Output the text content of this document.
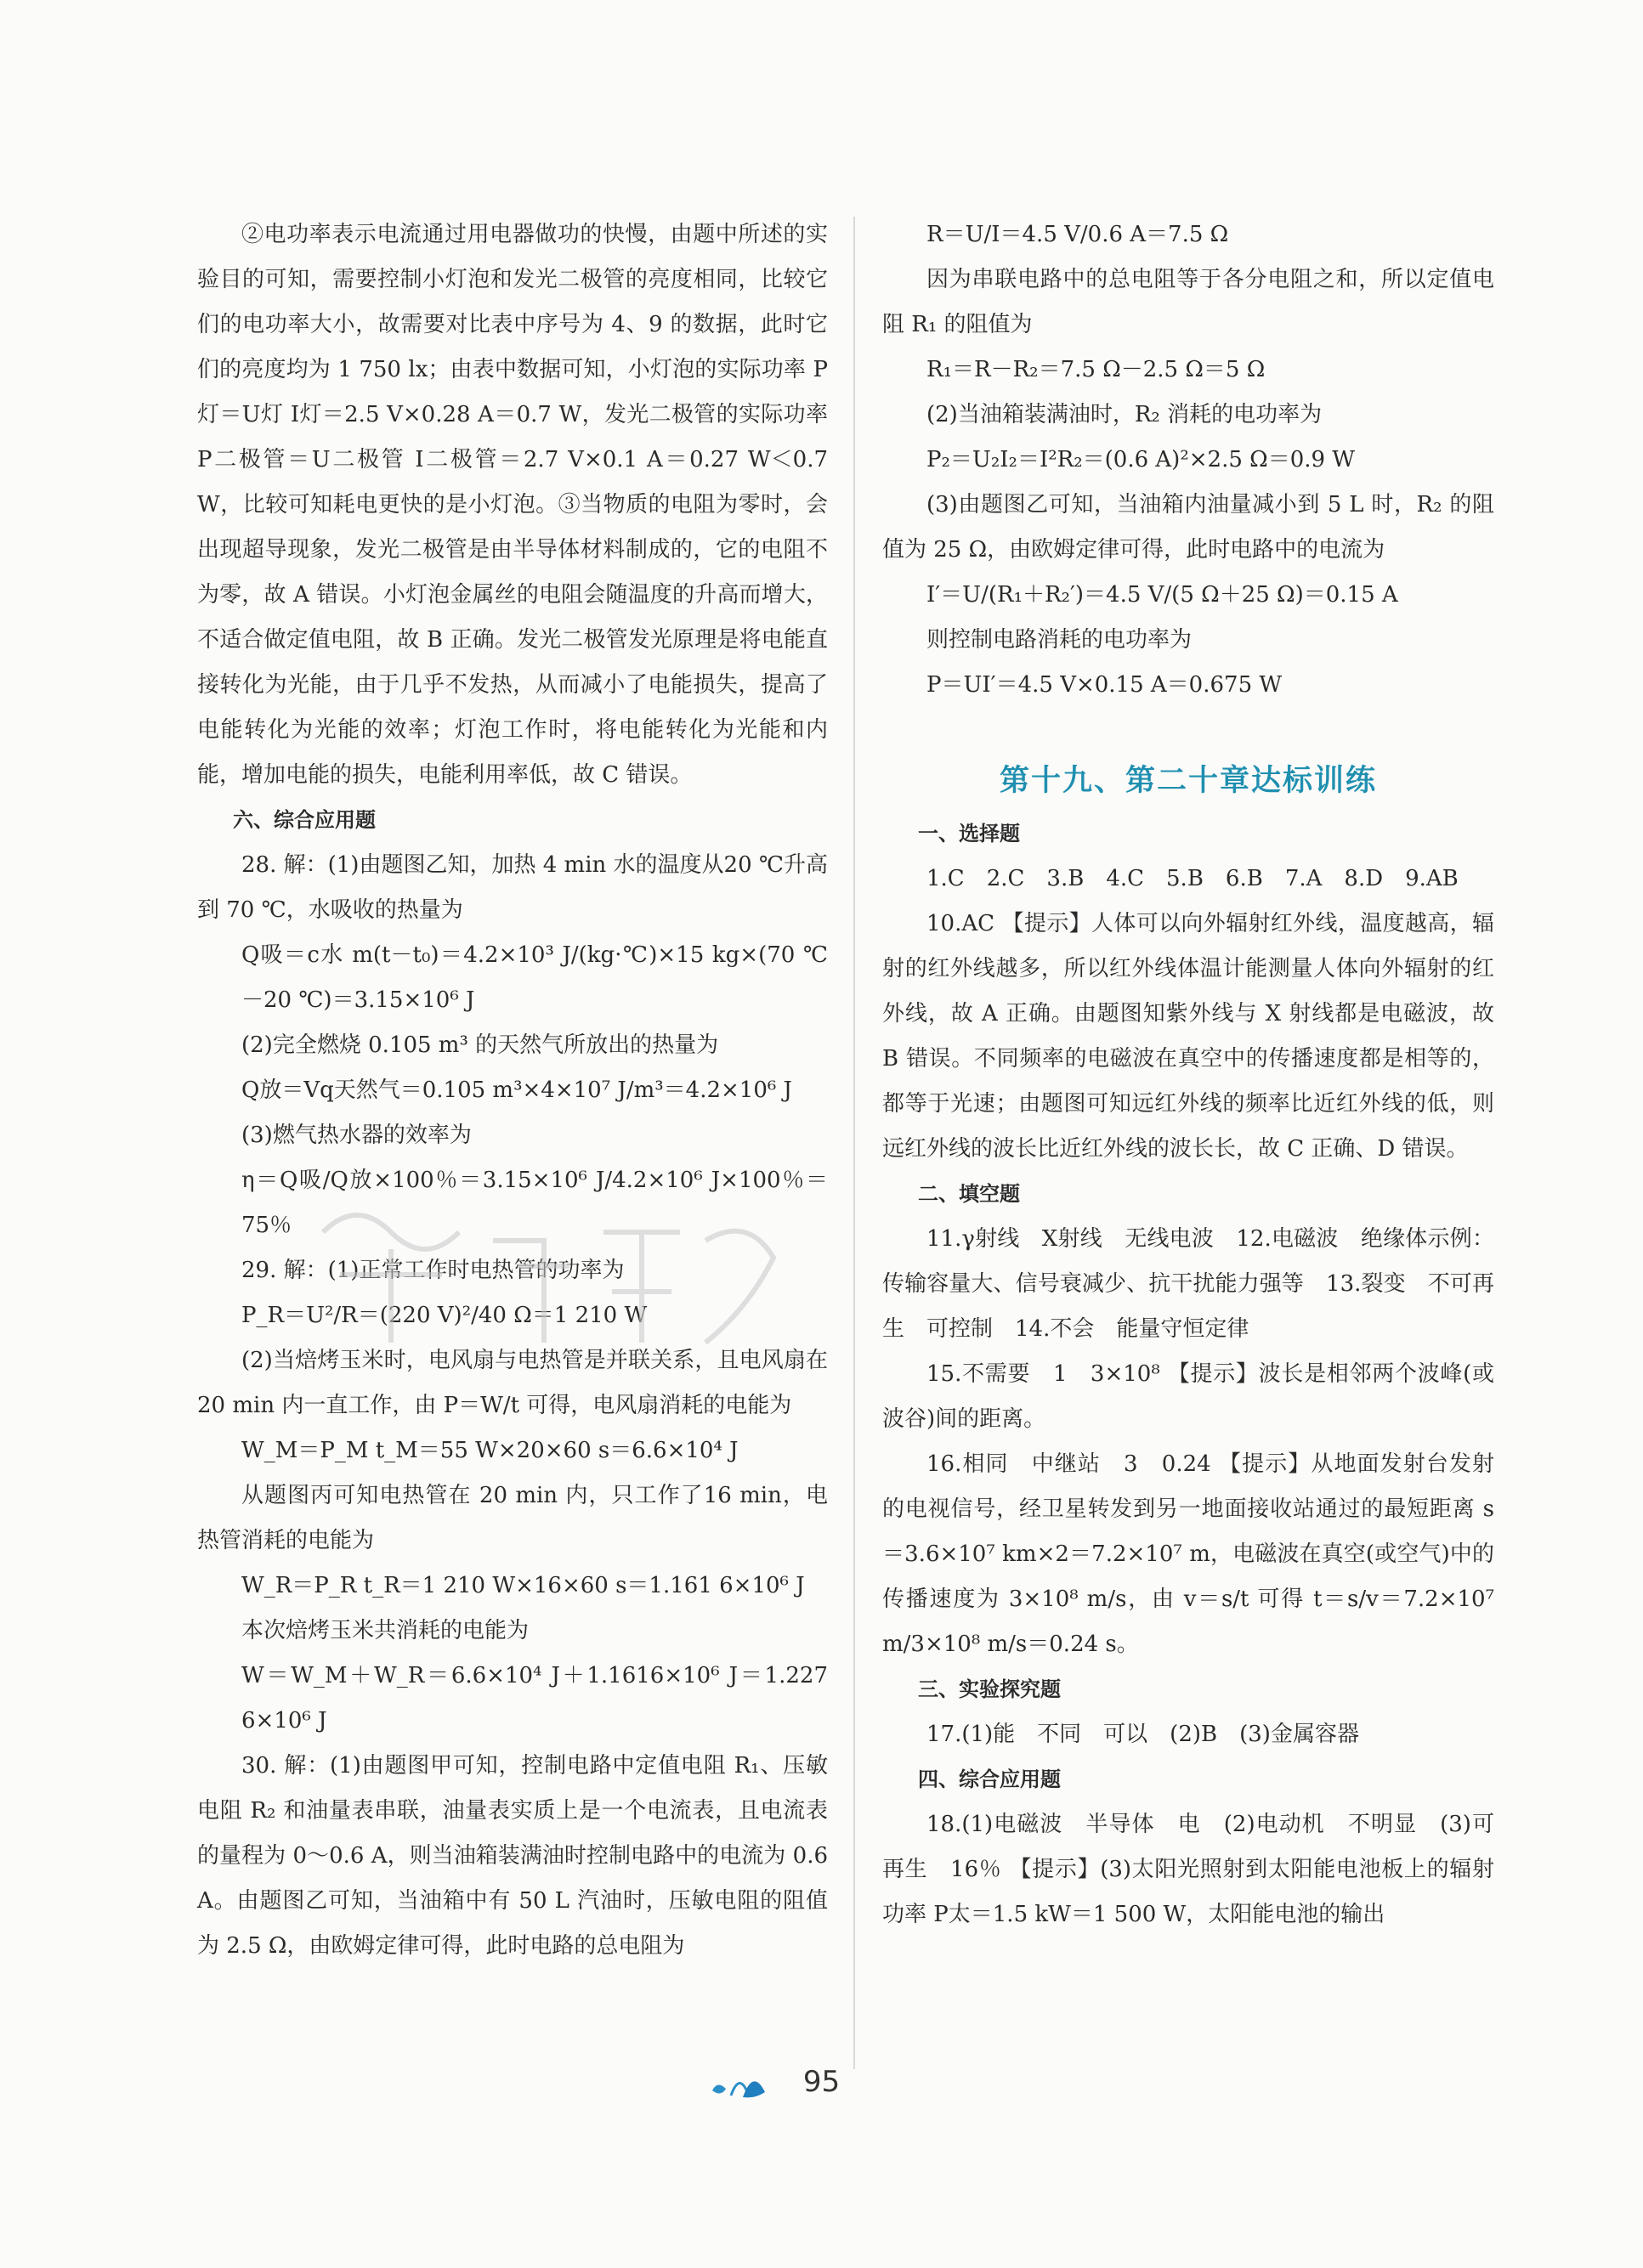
②电功率表示电流通过用电器做功的快慢，由题中所述的实验目的可知，需要控制小灯泡和发光二极管的亮度相同，比较它们的电功率大小，故需要对比表中序号为 4、9 的数据，此时它们的亮度均为 1 750 lx；由表中数据可知，小灯泡的实际功率 P灯＝U灯 I灯＝2.5 V×0.28 A＝0.7 W，发光二极管的实际功率 P二极管＝U二极管 I二极管＝2.7 V×0.1 A＝0.27 W＜0.7 W，比较可知耗电更快的是小灯泡。③当物质的电阻为零时，会出现超导现象，发光二极管是由半导体材料制成的，它的电阻不为零，故 A 错误。小灯泡金属丝的电阻会随温度的升高而增大，不适合做定值电阻，故 B 正确。发光二极管发光原理是将电能直接转化为光能，由于几乎不发热，从而减小了电能损失，提高了电能转化为光能的效率；灯泡工作时，将电能转化为光能和内能，增加电能的损失，电能利用率低，故 C 错误。

六、综合应用题

28. 解：(1)由题图乙知，加热 4 min 水的温度从20 ℃升高到 70 ℃，水吸收的热量为

Q吸＝c水 m(t－t₀)＝4.2×10³ J/(kg·℃)×15 kg×(70 ℃－20 ℃)＝3.15×10⁶ J

(2)完全燃烧 0.105 m³ 的天然气所放出的热量为

Q放＝Vq天然气＝0.105 m³×4×10⁷ J/m³＝4.2×10⁶ J

(3)燃气热水器的效率为

η＝Q吸/Q放×100％＝3.15×10⁶ J/4.2×10⁶ J×100％＝75％

29. 解：(1)正常工作时电热管的功率为

P_R＝U²/R＝(220 V)²/40 Ω＝1 210 W

(2)当焙烤玉米时，电风扇与电热管是并联关系，且电风扇在 20 min 内一直工作，由 P＝W/t 可得，电风扇消耗的电能为

W_M＝P_M t_M＝55 W×20×60 s＝6.6×10⁴ J

从题图丙可知电热管在 20 min 内，只工作了16 min，电热管消耗的电能为

W_R＝P_R t_R＝1 210 W×16×60 s＝1.161 6×10⁶ J

本次焙烤玉米共消耗的电能为

W＝W_M＋W_R＝6.6×10⁴ J＋1.1616×10⁶ J＝1.227 6×10⁶ J

30. 解：(1)由题图甲可知，控制电路中定值电阻 R₁、压敏电阻 R₂ 和油量表串联，油量表实质上是一个电流表，且电流表的量程为 0～0.6 A，则当油箱装满油时控制电路中的电流为 0.6 A。由题图乙可知，当油箱中有 50 L 汽油时，压敏电阻的阻值为 2.5 Ω，由欧姆定律可得，此时电路的总电阻为

R＝U/I＝4.5 V/0.6 A＝7.5 Ω

因为串联电路中的总电阻等于各分电阻之和，所以定值电阻 R₁ 的阻值为

R₁＝R－R₂＝7.5 Ω－2.5 Ω＝5 Ω

(2)当油箱装满油时，R₂ 消耗的电功率为

P₂＝U₂I₂＝I²R₂＝(0.6 A)²×2.5 Ω＝0.9 W

(3)由题图乙可知，当油箱内油量减小到 5 L 时，R₂ 的阻值为 25 Ω，由欧姆定律可得，此时电路中的电流为

I′＝U/(R₁＋R₂′)＝4.5 V/(5 Ω＋25 Ω)＝0.15 A

则控制电路消耗的电功率为

P＝UI′＝4.5 V×0.15 A＝0.675 W

第十九、第二十章达标训练

一、选择题

1.C　2.C　3.B　4.C　5.B　6.B　7.A　8.D　9.AB

10.AC 【提示】人体可以向外辐射红外线，温度越高，辐射的红外线越多，所以红外线体温计能测量人体向外辐射的红外线，故 A 正确。由题图知紫外线与 X 射线都是电磁波，故 B 错误。不同频率的电磁波在真空中的传播速度都是相等的，都等于光速；由题图可知远红外线的频率比近红外线的低，则远红外线的波长比近红外线的波长长，故 C 正确、D 错误。

二、填空题

11.γ射线　X射线　无线电波　12.电磁波　绝缘体示例：传输容量大、信号衰减少、抗干扰能力强等　13.裂变　不可再生　可控制　14.不会　能量守恒定律

15.不需要　1　3×10⁸ 【提示】波长是相邻两个波峰(或波谷)间的距离。

16.相同　中继站　3　0.24 【提示】从地面发射台发射的电视信号，经卫星转发到另一地面接收站通过的最短距离 s＝3.6×10⁷ km×2＝7.2×10⁷ m，电磁波在真空(或空气)中的传播速度为 3×10⁸ m/s，由 v＝s/t 可得 t＝s/v＝7.2×10⁷ m/3×10⁸ m/s＝0.24 s。

三、实验探究题

17.(1)能　不同　可以　(2)B　(3)金属容器

四、综合应用题

18.(1)电磁波　半导体　电　(2)电动机　不明显　(3)可再生　16％ 【提示】(3)太阳光照射到太阳能电池板上的辐射功率 P太＝1.5 kW＝1 500 W，太阳能电池的输出

95
